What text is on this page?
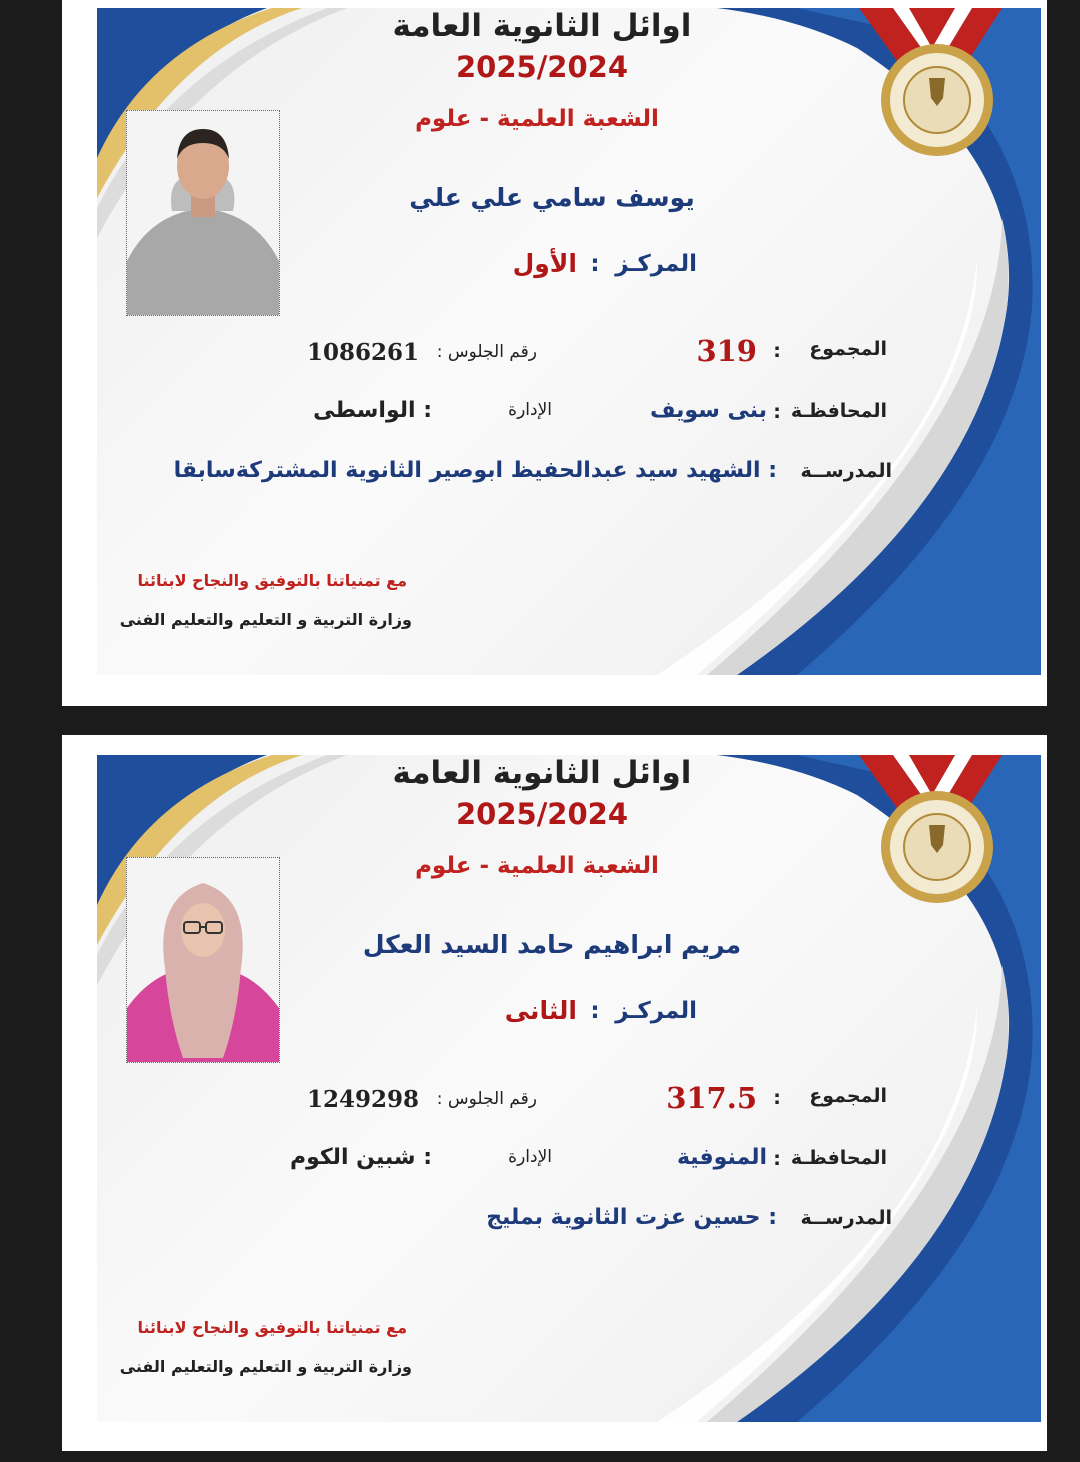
اوائل الثانوية العامة
2025/2024
الشعبة العلمية - علوم
يوسف سامي علي علي
المركـز
:
الأول
المجموع
:
319
رقم الجلوس :
1086261
المحافظـة
:
بنى سويف
الإدارة
: الواسطى
المدرســة
: الشهيد سيد عبدالحفيظ ابوصير الثانوية المشتركةسابقا
مع تمنياتنا بالتوفيق والنجاح لابنائنا
وزارة التربية و التعليم والتعليم الفنى
اوائل الثانوية العامة
2025/2024
الشعبة العلمية - علوم
مريم ابراهيم حامد السيد العكل
المركـز
:
الثانى
المجموع
:
317.5
رقم الجلوس :
1249298
المحافظـة
:
المنوفية
الإدارة
: شبين الكوم
المدرســة
: حسين عزت الثانوية بمليج
مع تمنياتنا بالتوفيق والنجاح لابنائنا
وزارة التربية و التعليم والتعليم الفنى
